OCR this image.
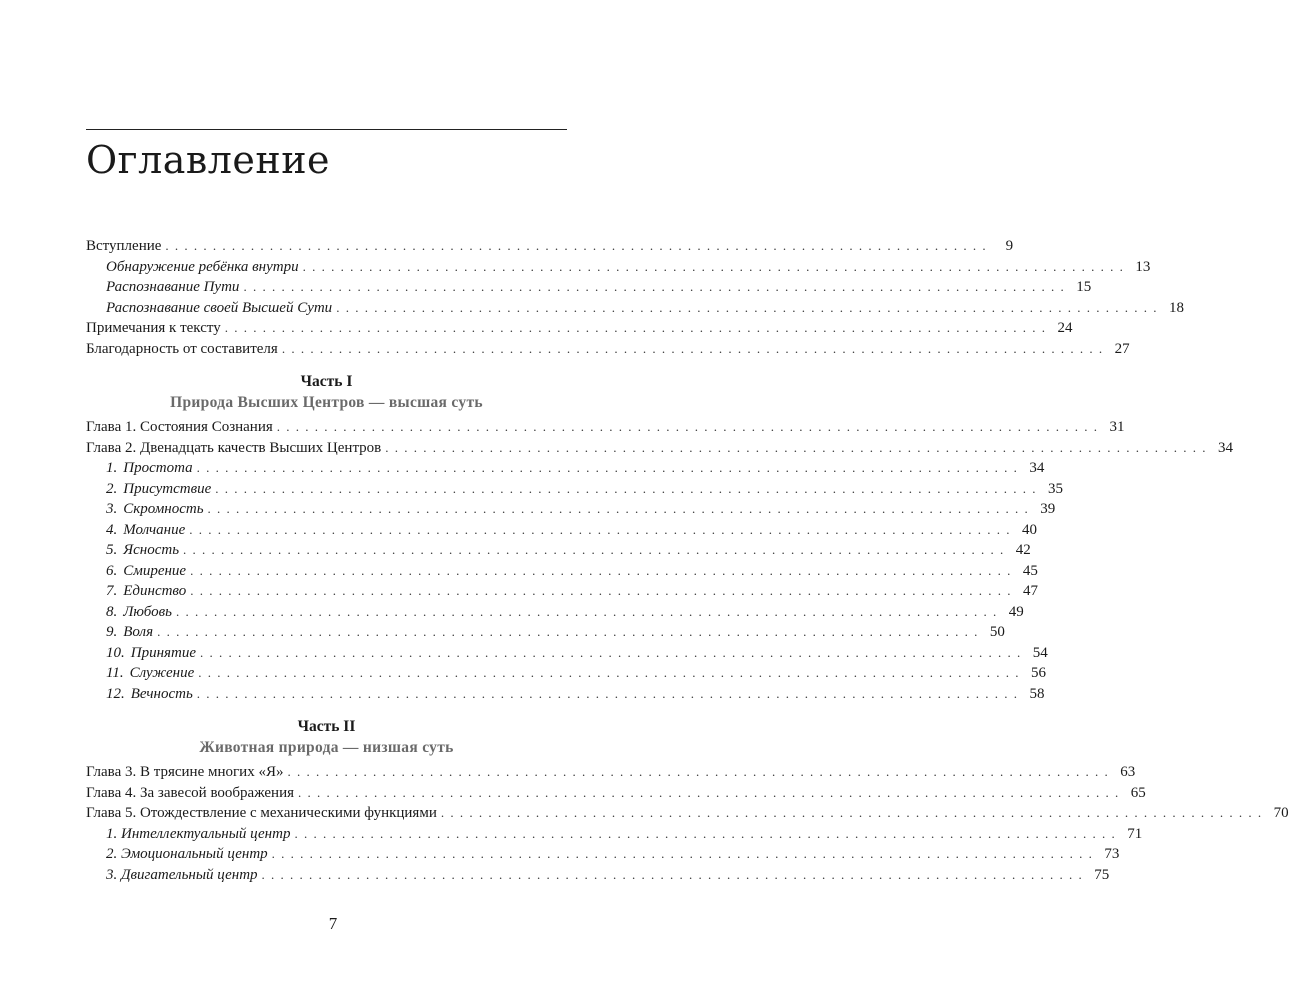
Оглавление
Вступление . . . . . . . . . . . . . . . . . . . . . . . . . . . . . . . . . . . . . . . . . . . . . . . . . . . . . . . . . . . . . . . . . . . . . . . . . . . . . . . . . . . . . . .	9
Обнаружение ребёнка внутри . . . . . . . . . . . . . . . . . . . . . . . . . . . . . . . . . . . . . . . . . . . . . . . . . . . . . . . . . . . . . . . . . . . . . . . . . . . . . . . . . . . . . . . 13
Распознавание Пути . . . . . . . . . . . . . . . . . . . . . . . . . . . . . . . . . . . . . . . . . . . . . . . . . . . . . . . . . . . . . . . . . . . . . . . . . . . . . . . . . . . . . . . 15
Распознавание своей Высшей Сути . . . . . . . . . . . . . . . . . . . . . . . . . . . . . . . . . . . . . . . . . . . . . . . . . . . . . . . . . . . . . . . . . . . . . . . . . . . . . . . . . . . . . . . 18
Примечания к тексту . . . . . . . . . . . . . . . . . . . . . . . . . . . . . . . . . . . . . . . . . . . . . . . . . . . . . . . . . . . . . . . . . . . . . . . . . . . . . . . . . . . . . . . 24
Благодарность от составителя . . . . . . . . . . . . . . . . . . . . . . . . . . . . . . . . . . . . . . . . . . . . . . . . . . . . . . . . . . . . . . . . . . . . . . . . . . . . . . . . . . . . . . . 27
Часть I
Природа Высших Центров — высшая суть
Глава 1. Состояния Сознания . . . . . . . . . . . . . . . . . . . . . . . . . . . . . . . . . . . . . . . . . . . . . . . . . . . . . . . . . . . . . . . . . . . . . . . . . . . . . . . . . . . . . . . 31
Глава 2. Двенадцать качеств Высших Центров . . . . . . . . . . . . . . . . . . . . . . . . . . . . . . . . . . . . . . . . . . . . . . . . . . . . . . . . . . . . . . . . . . . . . . . . . . . . . . . . . . . . . . . 34
1. Простота . . . . . . . . . . . . . . . . . . . . . . . . . . . . . . . . . . . . . . . . . . . . . . . . . . . . . . . . . . . . . . . . . . . . . . . . . . . . . . . . . . . . . . . 34
2. Присутствие . . . . . . . . . . . . . . . . . . . . . . . . . . . . . . . . . . . . . . . . . . . . . . . . . . . . . . . . . . . . . . . . . . . . . . . . . . . . . . . . . . . . . . . 35
3. Скромность . . . . . . . . . . . . . . . . . . . . . . . . . . . . . . . . . . . . . . . . . . . . . . . . . . . . . . . . . . . . . . . . . . . . . . . . . . . . . . . . . . . . . . . 39
4. Молчание . . . . . . . . . . . . . . . . . . . . . . . . . . . . . . . . . . . . . . . . . . . . . . . . . . . . . . . . . . . . . . . . . . . . . . . . . . . . . . . . . . . . . . . 40
5. Ясность . . . . . . . . . . . . . . . . . . . . . . . . . . . . . . . . . . . . . . . . . . . . . . . . . . . . . . . . . . . . . . . . . . . . . . . . . . . . . . . . . . . . . . . 42
6. Смирение . . . . . . . . . . . . . . . . . . . . . . . . . . . . . . . . . . . . . . . . . . . . . . . . . . . . . . . . . . . . . . . . . . . . . . . . . . . . . . . . . . . . . . . 45
7. Единство . . . . . . . . . . . . . . . . . . . . . . . . . . . . . . . . . . . . . . . . . . . . . . . . . . . . . . . . . . . . . . . . . . . . . . . . . . . . . . . . . . . . . . . 47
8. Любовь . . . . . . . . . . . . . . . . . . . . . . . . . . . . . . . . . . . . . . . . . . . . . . . . . . . . . . . . . . . . . . . . . . . . . . . . . . . . . . . . . . . . . . . 49
9. Воля . . . . . . . . . . . . . . . . . . . . . . . . . . . . . . . . . . . . . . . . . . . . . . . . . . . . . . . . . . . . . . . . . . . . . . . . . . . . . . . . . . . . . . . 50
10. Принятие . . . . . . . . . . . . . . . . . . . . . . . . . . . . . . . . . . . . . . . . . . . . . . . . . . . . . . . . . . . . . . . . . . . . . . . . . . . . . . . . . . . . . . . 54
11. Служение . . . . . . . . . . . . . . . . . . . . . . . . . . . . . . . . . . . . . . . . . . . . . . . . . . . . . . . . . . . . . . . . . . . . . . . . . . . . . . . . . . . . . . . 56
12. Вечность . . . . . . . . . . . . . . . . . . . . . . . . . . . . . . . . . . . . . . . . . . . . . . . . . . . . . . . . . . . . . . . . . . . . . . . . . . . . . . . . . . . . . . . 58
Часть II
Животная природа — низшая суть
Глава 3. В трясине многих «Я» . . . . . . . . . . . . . . . . . . . . . . . . . . . . . . . . . . . . . . . . . . . . . . . . . . . . . . . . . . . . . . . . . . . . . . . . . . . . . . . . . . . . . . . 63
Глава 4. За завесой воображения . . . . . . . . . . . . . . . . . . . . . . . . . . . . . . . . . . . . . . . . . . . . . . . . . . . . . . . . . . . . . . . . . . . . . . . . . . . . . . . . . . . . . . . 65
Глава 5. Отождествление с механическими функциями . . . . . . . . . . . . . . . . . . . . . . . . . . . . . . . . . . . . . . . . . . . . . . . . . . . . . . . . . . . . . . . . . . . . . . . . . . . . . . . . . . . . . . . 70
1. Интеллектуальный центр . . . . . . . . . . . . . . . . . . . . . . . . . . . . . . . . . . . . . . . . . . . . . . . . . . . . . . . . . . . . . . . . . . . . . . . . . . . . . . . . . . . . . . . 71
2. Эмоциональный центр . . . . . . . . . . . . . . . . . . . . . . . . . . . . . . . . . . . . . . . . . . . . . . . . . . . . . . . . . . . . . . . . . . . . . . . . . . . . . . . . . . . . . . . 73
3. Двигательный центр . . . . . . . . . . . . . . . . . . . . . . . . . . . . . . . . . . . . . . . . . . . . . . . . . . . . . . . . . . . . . . . . . . . . . . . . . . . . . . . . . . . . . . . 75
7
